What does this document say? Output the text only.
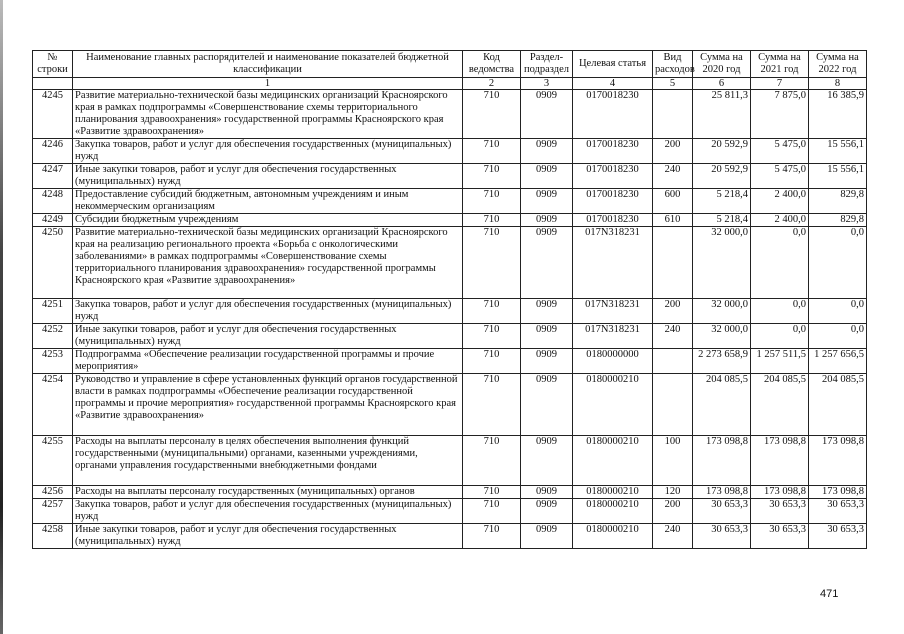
№ строки	Наименование главных распорядителей и наименование показателей бюджетной классификации	Код ведомства	Раздел- подраздел	Целевая статья	Вид расходов	Сумма на 2020 год	Сумма на 2021 год	Сумма на 2022 год
	1	2	3	4	5	6	7	8
4245	Развитие материально-технической базы медицинских организаций Красноярского края в рамках подпрограммы «Совершенствование схемы территориального планирования здравоохранения» государственной программы Красноярского края «Развитие здравоохранения»	710	0909	0170018230		25 811,3	7 875,0	16 385,9
4246	Закупка товаров, работ и услуг для обеспечения государственных (муниципальных) нужд	710	0909	0170018230	200	20 592,9	5 475,0	15 556,1
4247	Иные закупки товаров, работ и услуг для обеспечения государственных (муниципальных) нужд	710	0909	0170018230	240	20 592,9	5 475,0	15 556,1
4248	Предоставление субсидий бюджетным, автономным учреждениям и иным некоммерческим организациям	710	0909	0170018230	600	5 218,4	2 400,0	829,8
4249	Субсидии бюджетным учреждениям	710	0909	0170018230	610	5 218,4	2 400,0	829,8
4250	Развитие материально-технической базы медицинских организаций Красноярского края на реализацию регионального проекта «Борьба с онкологическими заболеваниями» в рамках подпрограммы «Совершенствование схемы территориального планирования здравоохранения» государственной программы Красноярского края «Развитие здравоохранения»	710	0909	017N318231		32 000,0	0,0	0,0
4251	Закупка товаров, работ и услуг для обеспечения государственных (муниципальных) нужд	710	0909	017N318231	200	32 000,0	0,0	0,0
4252	Иные закупки товаров, работ и услуг для обеспечения государственных (муниципальных) нужд	710	0909	017N318231	240	32 000,0	0,0	0,0
4253	Подпрограмма «Обеспечение реализации государственной программы и прочие мероприятия»	710	0909	0180000000		2 273 658,9	1 257 511,5	1 257 656,5
4254	Руководство и управление в сфере установленных функций органов государственной власти в рамках подпрограммы «Обеспечение реализации государственной программы и прочие мероприятия» государственной программы Красноярского края «Развитие здравоохранения»	710	0909	0180000210		204 085,5	204 085,5	204 085,5
4255	Расходы на выплаты персоналу в целях обеспечения выполнения функций государственными (муниципальными) органами, казенными учреждениями, органами управления государственными внебюджетными фондами	710	0909	0180000210	100	173 098,8	173 098,8	173 098,8
4256	Расходы на выплаты персоналу государственных (муниципальных) органов	710	0909	0180000210	120	173 098,8	173 098,8	173 098,8
4257	Закупка товаров, работ и услуг для обеспечения государственных (муниципальных) нужд	710	0909	0180000210	200	30 653,3	30 653,3	30 653,3
4258	Иные закупки товаров, работ и услуг для обеспечения государственных (муниципальных) нужд	710	0909	0180000210	240	30 653,3	30 653,3	30 653,3
471
